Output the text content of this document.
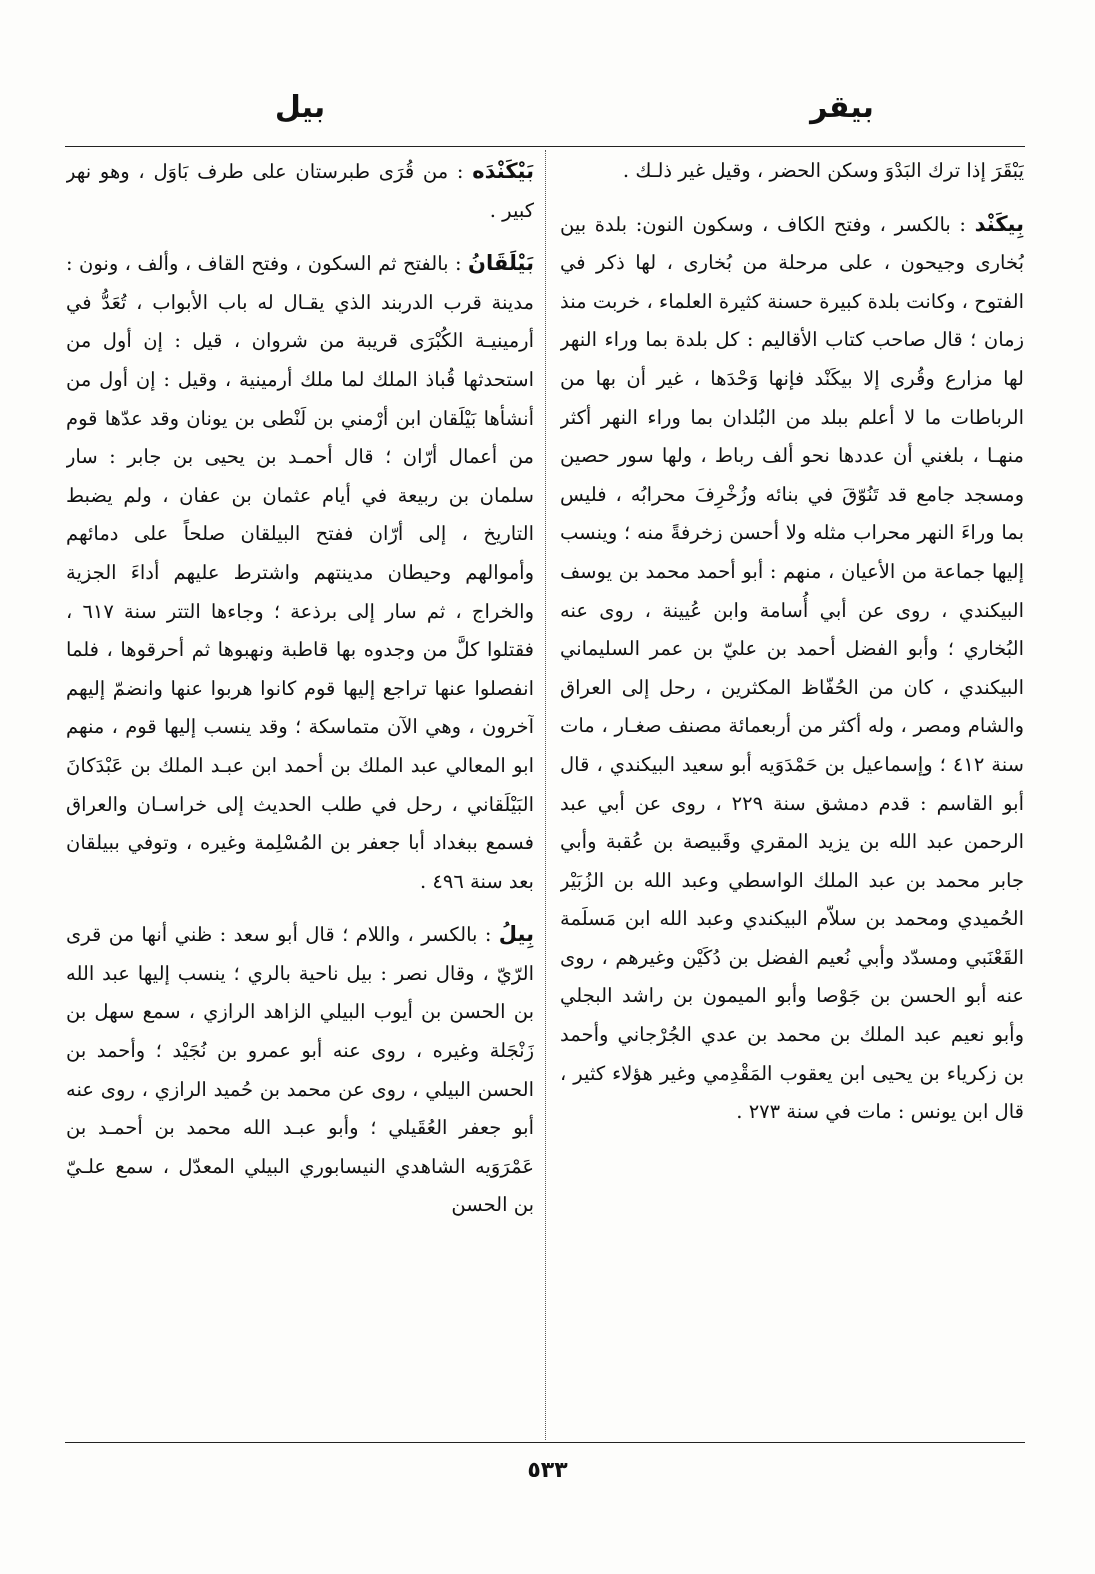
بيقر
بيل

يَبْقَرَ إذا ترك البَدْوَ وسكن الحضر ، وقيل غير ذلـك .

بِيكَنْد : بالكسر ، وفتح الكاف ، وسكون النون: بلدة بين بُخارى وجيحون ، على مرحلة من بُخارى ، لها ذكر في الفتوح ، وكانت بلدة كبيرة حسنة كثيرة العلماء ، خربت منذ زمان ؛ قال صاحب كتاب الأقاليم : كل بلدة بما وراء النهر لها مزارع وقُرى إلا بيكَنْد فإنها وَحْدَها ، غير أن بها من الرباطات ما لا أعلم ببلد من البُلدان بما وراء النهر أكثر منهـا ، بلغني أن عددها نحو ألف رباط ، ولها سور حصين ومسجد جامع قد تَنُوّقَ في بنائه وزُخْرِفَ محرابُه ، فليس بما وراءَ النهر محراب مثله ولا أحسن زخرفةً منه ؛ وينسب إليها جماعة من الأعيان ، منهم : أبو أحمد محمد بن يوسف البيكندي ، روى عن أبي أُسامة وابن عُيينة ، روى عنه البُخاري ؛ وأبو الفضل أحمد بن عليّ بن عمر السليماني البيكندي ، كان من الحُفّاظ المكثرين ، رحل إلى العراق والشام ومصر ، وله أكثر من أربعمائة مصنف صغـار ، مات سنة ٤١٢ ؛ وإسماعيل بن حَمْدَوَيه أبو سعيد البيكندي ، قال أبو القاسم : قدم دمشق سنة ٢٢٩ ، روى عن أبي عبد الرحمن عبد الله بن يزيد المقري وقَبيصة بن عُقبة وأبي جابر محمد بن عبد الملك الواسطي وعبد الله بن الزُبَيْر الحُميدي ومحمد بن سلاّم البيكندي وعبد الله ابن مَسلَمة القَعْنَبي ومسدّد وأبي نُعيم الفضل بن دُكَيْن وغيرهم ، روى عنه أبو الحسن بن جَوْصا وأبو الميمون بن راشد البجلي وأبو نعيم عبد الملك بن محمد بن عدي الجُرْجاني وأحمد بن زكرياء بن يحيى ابن يعقوب المَقْدِمي وغير هؤلاء كثير ، قال ابن يونس : مات في سنة ٢٧٣ .

بَيْكَنْدَه : من قُرَى طبرستان على طرف بَاوَل ، وهو نهر كبير .

بَيْلَقَانُ : بالفتح ثم السكون ، وفتح القاف ، وألف ، ونون : مدينة قرب الدربند الذي يقـال له باب الأبواب ، تُعَدُّ في أرمينيـة الكُبْرَى قريبة من شروان ، قيل : إن أول من استحدثها قُباذ الملك لما ملك أرمينية ، وقيل : إن أول من أنشأها بَيْلَقان ابن أرْمني بن لَنْطى بن يونان وقد عدّها قوم من أعمال أرّان ؛ قال أحمـد بن يحيى بن جابر : سار سلمان بن ربيعة في أيام عثمان بن عفان ، ولم يضبط التاريخ ، إلى أرّان ففتح البيلقان صلحاً على دمائهم وأموالهم وحيطان مدينتهم واشترط عليهم أداءَ الجزية والخراج ، ثم سار إلى برذعة ؛ وجاءها التتر سنة ٦١٧ ، فقتلوا كلَّ من وجدوه بها قاطبة ونهبوها ثم أحرقوها ، فلما انفصلوا عنها تراجع إليها قوم كانوا هربوا عنها وانضمّ إليهم آخرون ، وهي الآن متماسكة ؛ وقد ينسب إليها قوم ، منهم ابو المعالي عبد الملك بن أحمد ابن عبـد الملك بن عَبْدَكانَ البَيْلَقاني ، رحل في طلب الحديث إلى خراسـان والعراق فسمع ببغداد أبا جعفر بن المُسْلِمة وغيره ، وتوفي ببيلقان بعد سنة ٤٩٦ .

بِيلُ : بالكسر ، واللام ؛ قال أبو سعد : ظني أنها من قرى الرّيّ ، وقال نصر : بيل ناحية بالري ؛ ينسب إليها عبد الله بن الحسن بن أيوب البيلي الزاهد الرازي ، سمع سهل بن زَنْجَلة وغيره ، روى عنه أبو عمرو بن نُجَيْد ؛ وأحمد بن الحسن البيلي ، روى عن محمد بن حُميد الرازي ، روى عنه أبو جعفر العُقَيلي ؛ وأبو عبـد الله محمد بن أحمـد بن عَمْرَوَيه الشاهدي النيسابوري البيلي المعدّل ، سمع علـيّ بن الحسن

٥٣٣
